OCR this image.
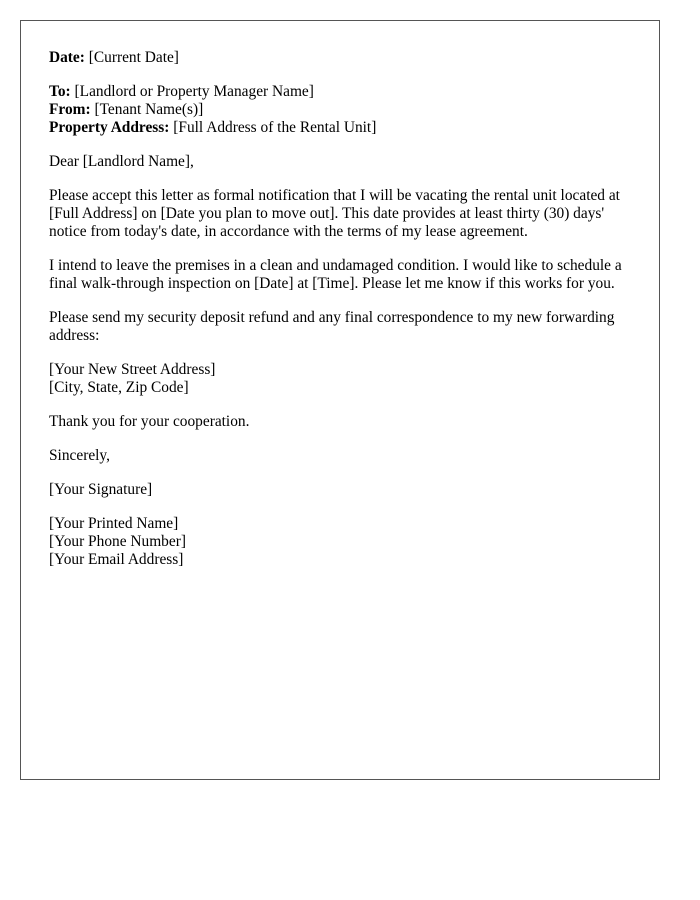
Date: [Current Date]
To: [Landlord or Property Manager Name]
From: [Tenant Name(s)]
Property Address: [Full Address of the Rental Unit]

Dear [Landlord Name],

Please accept this letter as formal notification that I will be vacating the rental unit located at [Full Address] on [Date you plan to move out]. This date provides at least thirty (30) days' notice from today's date, in accordance with the terms of my lease agreement.

I intend to leave the premises in a clean and undamaged condition. I would like to schedule a final walk-through inspection on [Date] at [Time]. Please let me know if this works for you.

Please send my security deposit refund and any final correspondence to my new forwarding address:

[Your New Street Address]
[City, State, Zip Code]

Thank you for your cooperation.

Sincerely,

[Your Signature]

[Your Printed Name]
[Your Phone Number]
[Your Email Address]
